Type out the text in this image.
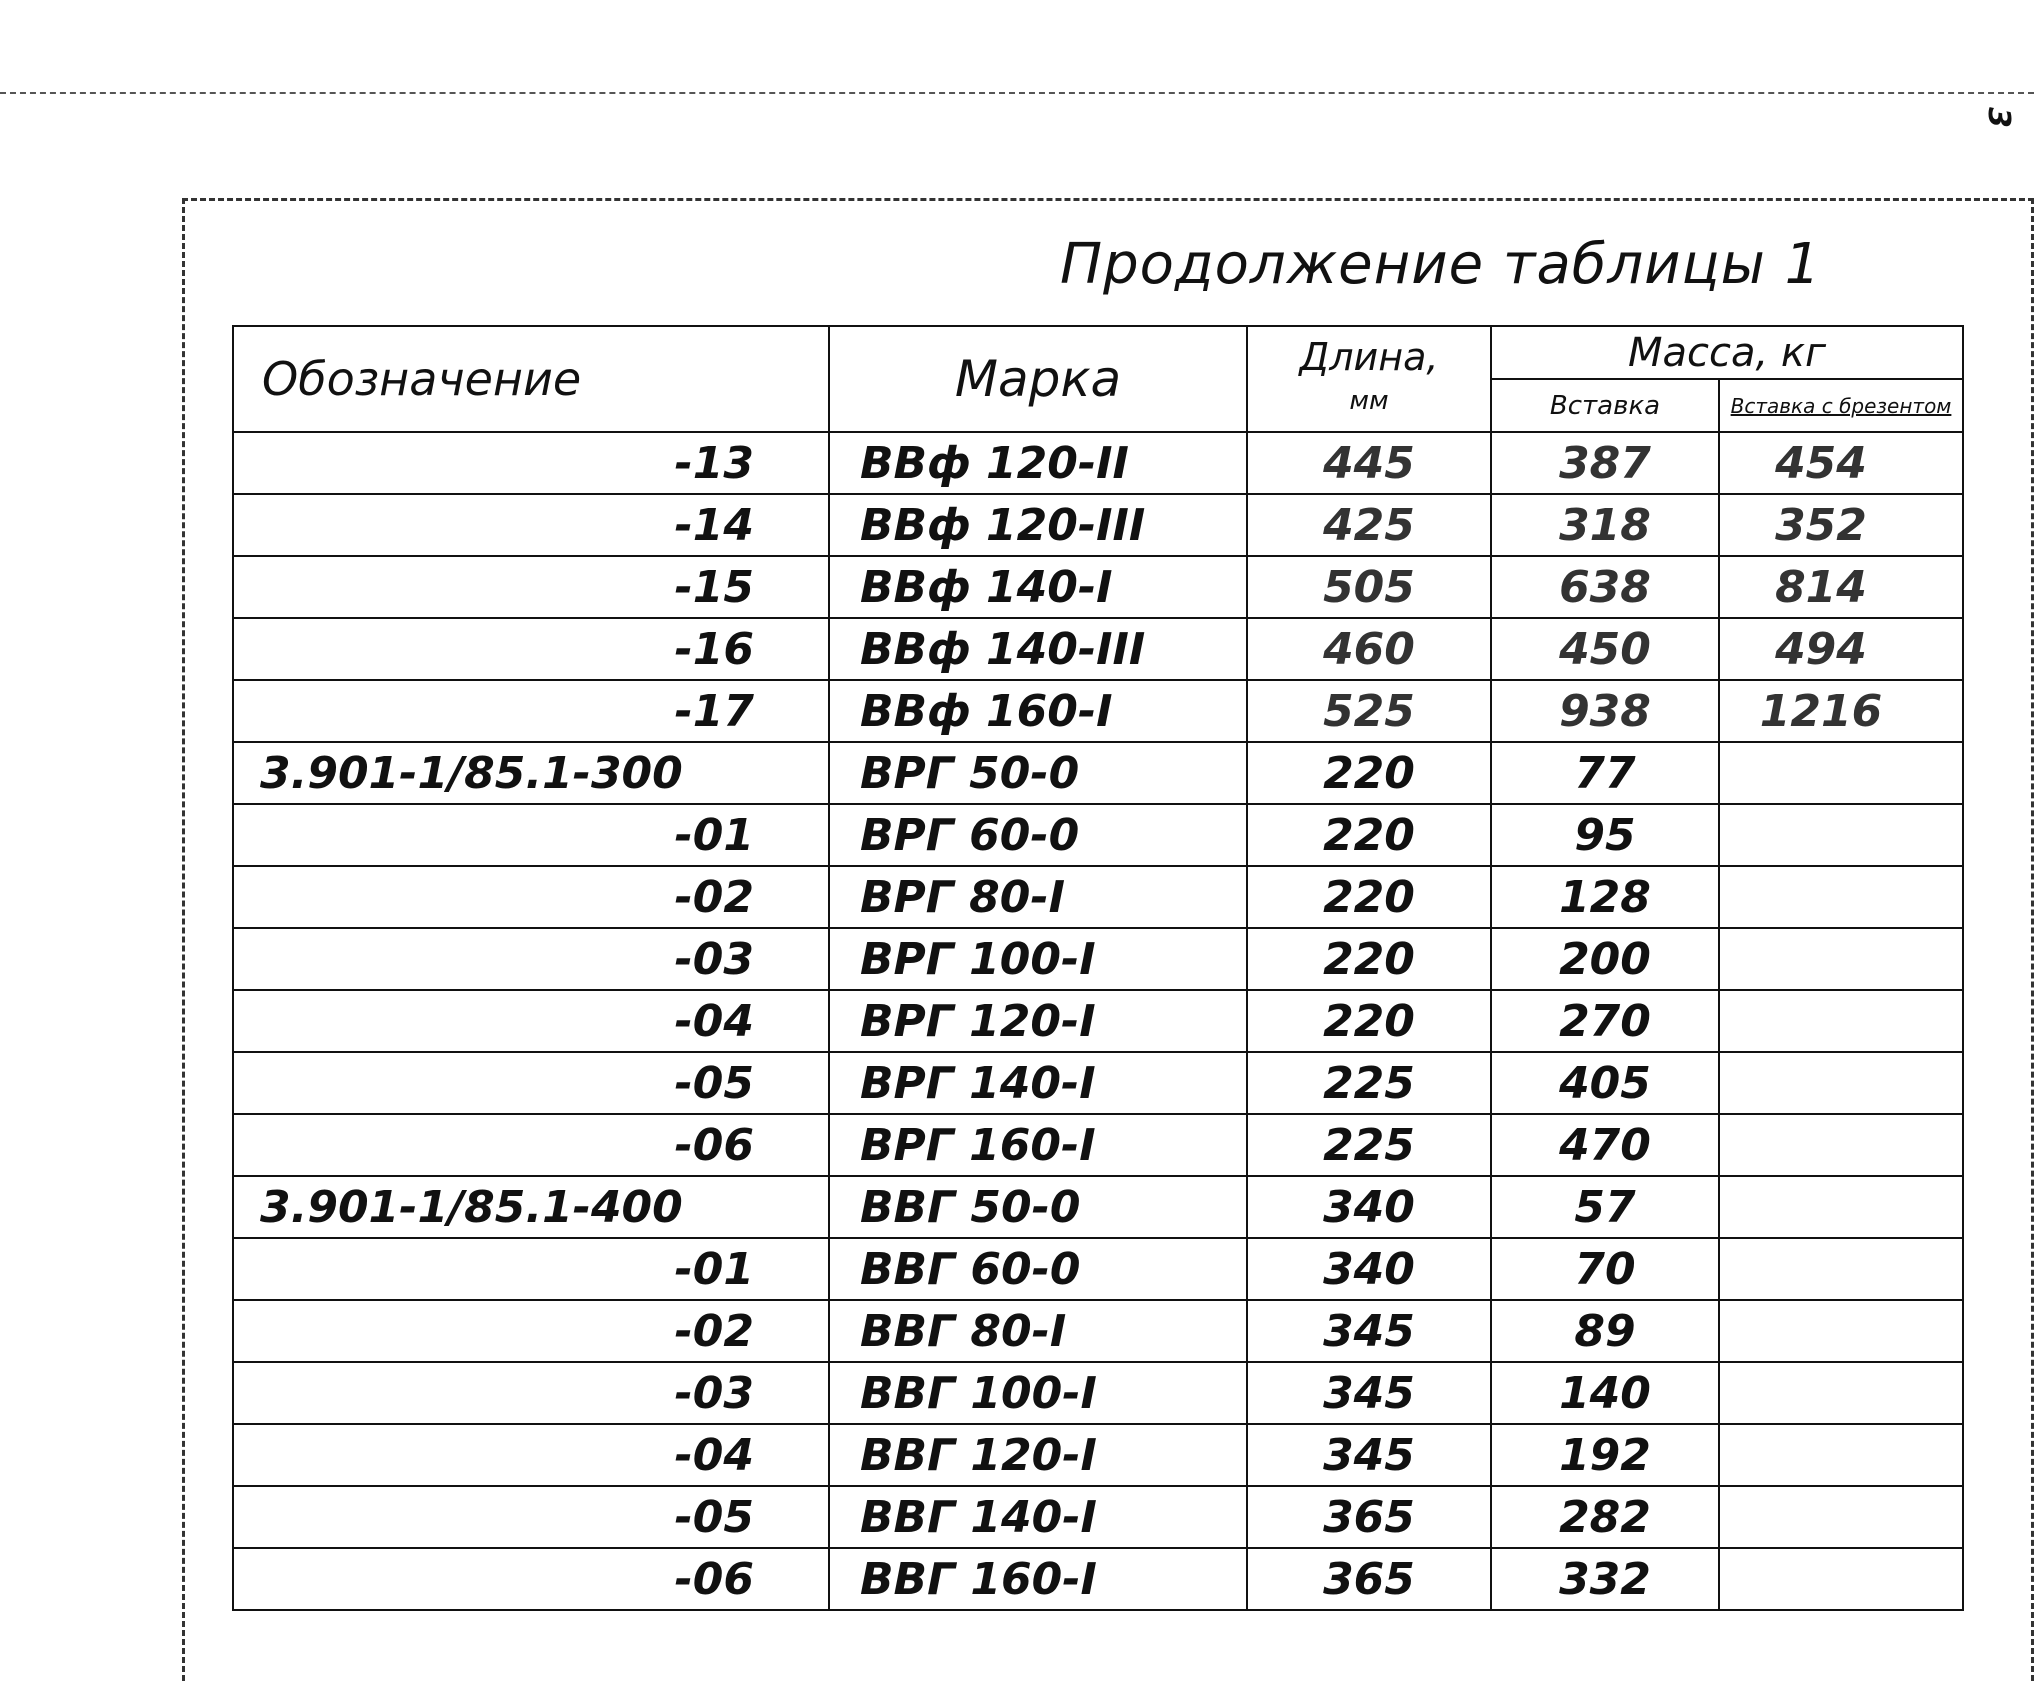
3
Продолжение таблицы 1
Обозначение	Марка	Длина,
мм	Масса, кг	
			Вставка	Вставка с брезентом
-13	ВВф 120-II	445	387	454
-14	ВВф 120-III	425	318	352
-15	ВВф 140-I	505	638	814
-16	ВВф 140-III	460	450	494
-17	ВВф 160-I	525	938	1216
3.901-1/85.1-300	ВРГ 50-0	220	77	
-01	ВРГ 60-0	220	95	
-02	ВРГ 80-I	220	128	
-03	ВРГ 100-I	220	200	
-04	ВРГ 120-I	220	270	
-05	ВРГ 140-I	225	405	
-06	ВРГ 160-I	225	470	
3.901-1/85.1-400	ВВГ 50-0	340	57	
-01	ВВГ 60-0	340	70	
-02	ВВГ 80-I	345	89	
-03	ВВГ 100-I	345	140	
-04	ВВГ 120-I	345	192	
-05	ВВГ 140-I	365	282	
-06	ВВГ 160-I	365	332	
